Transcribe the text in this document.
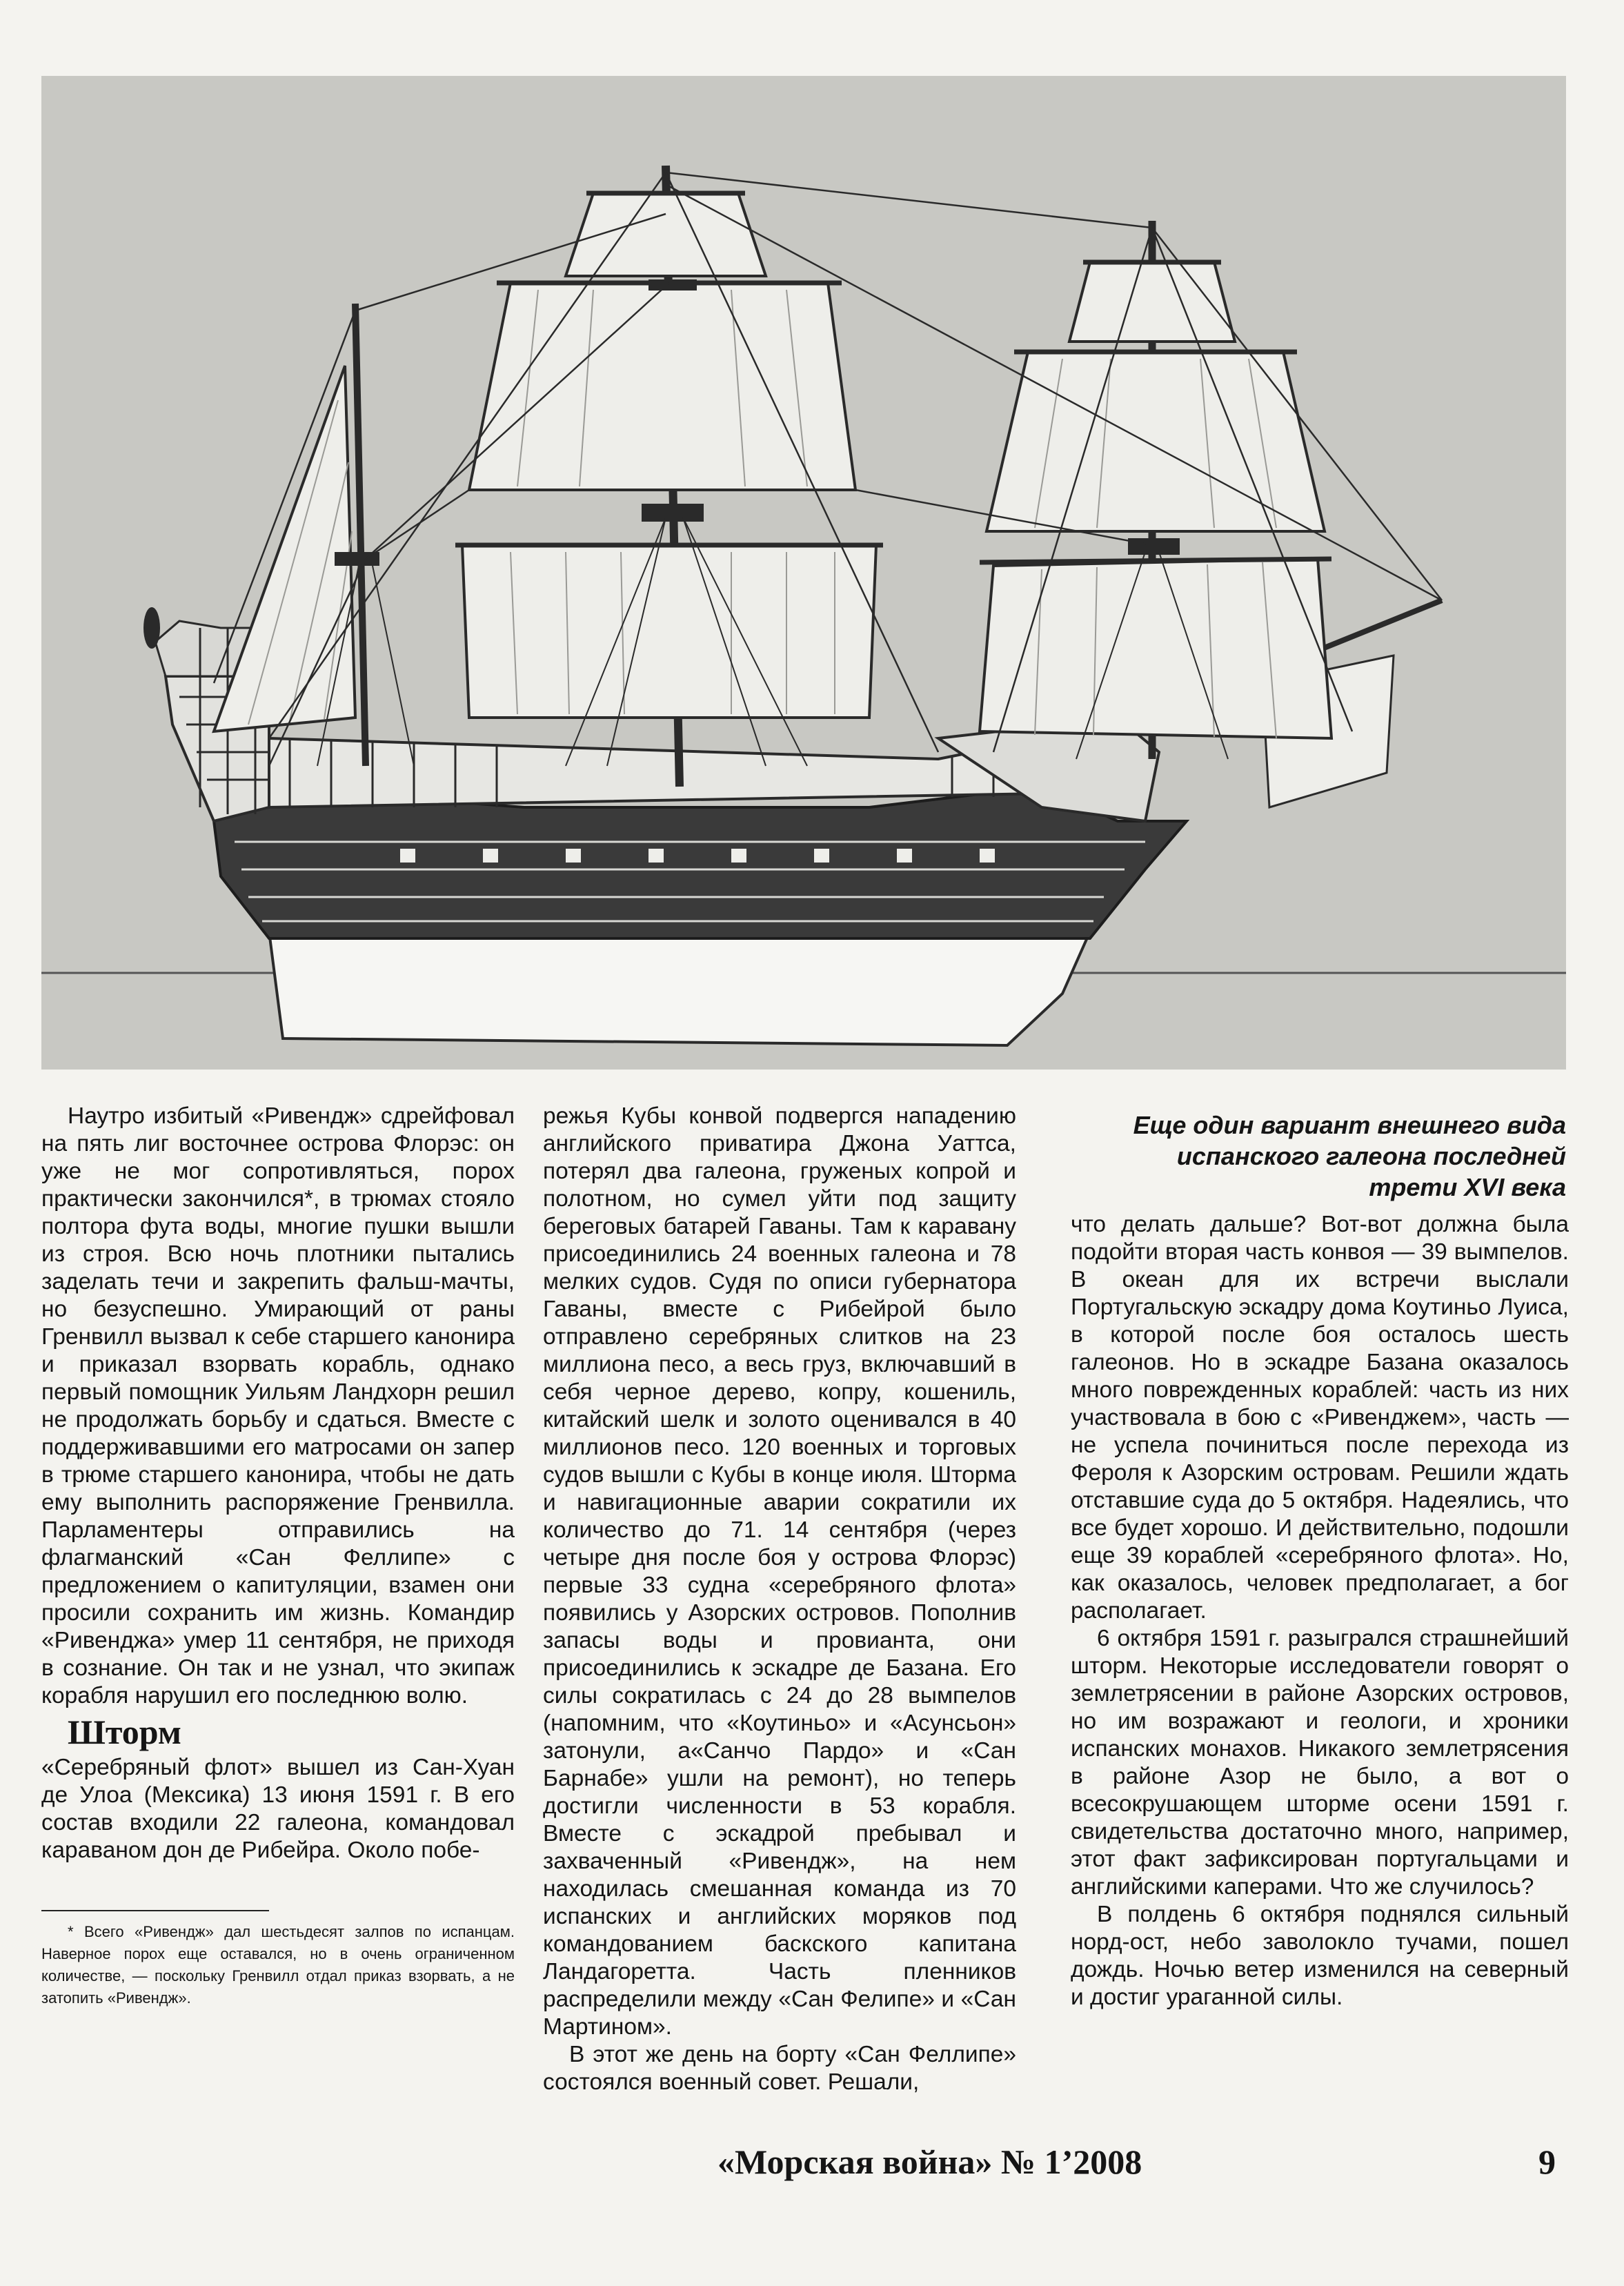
Еще один вариант внешнего вида
испанского галеона последней
трети XVI века

Наутро избитый «Ривендж» сдрейфовал на пять лиг восточнее острова Флорэс: он уже не мог сопротивляться, порох практически закончился*, в трюмах стояло полтора фута воды, многие пушки вышли из строя. Всю ночь плотники пытались заделать течи и закрепить фальш-мачты, но безуспешно. Умирающий от раны Гренвилл вызвал к себе старшего канонира и приказал взорвать корабль, однако первый помощник Уильям Ландхорн решил не продолжать борьбу и сдаться. Вместе с поддерживавшими его матросами он запер в трюме старшего канонира, чтобы не дать ему выполнить распоряжение Гренвилла. Парламентеры отправились на флагманский «Сан Феллипе» с предложением о капитуляции, взамен они просили сохранить им жизнь. Командир «Ривенджа» умер 11 сентября, не приходя в сознание. Он так и не узнал, что экипаж корабля нарушил его последнюю волю.

Шторм

«Серебряный флот» вышел из Сан-Хуан де Улоа (Мексика) 13 июня 1591 г. В его состав входили 22 галеона, командовал караваном дон де Рибейра. Около побе-

* Всего «Ривендж» дал шестьдесят залпов по испанцам. Наверное порох еще оставался, но в очень ограниченном количестве, — поскольку Гренвилл отдал приказ взорвать, а не затопить «Ривендж».

режья Кубы конвой подвергся нападению английского приватира Джона Уаттса, потерял два галеона, груженых копрой и полотном, но сумел уйти под защиту береговых батарей Гаваны. Там к каравану присоединились 24 военных галеона и 78 мелких судов. Судя по описи губернатора Гаваны, вместе с Рибейрой было отправлено серебряных слитков на 23 миллиона песо, а весь груз, включавший в себя черное дерево, копру, кошениль, китайский шелк и золото оценивался в 40 миллионов песо. 120 военных и торговых судов вышли с Кубы в конце июля. Шторма и навигационные аварии сократили их количество до 71. 14 сентября (через четыре дня после боя у острова Флорэс) первые 33 судна «серебряного флота» появились у Азорских островов. Пополнив запасы воды и провианта, они присоединились к эскадре де Базана. Его силы сократилась с 24 до 28 вымпелов (напомним, что «Коутиньо» и «Асунсьон» затонули, а«Санчо Пардо» и «Сан Барнабе» ушли на ремонт), но теперь достигли численности в 53 корабля. Вместе с эскадрой пребывал и захваченный «Ривендж», на нем находилась смешанная команда из 70 испанских и английских моряков под командованием баскского капитана Ландагоретта. Часть пленников распределили между «Сан Фелипе» и «Сан Мартином».

В этот же день на борту «Сан Феллипе» состоялся военный совет. Решали,

что делать дальше? Вот-вот должна была подойти вторая часть конвоя — 39 вымпелов. В океан для их встречи выслали Португальскую эскадру дома Коутиньо Луиса, в которой после боя осталось шесть галеонов. Но в эскадре Базана оказалось много поврежденных кораблей: часть из них участвовала в бою с «Ривенджем», часть — не успела починиться после перехода из Фероля к Азорским островам. Решили ждать отставшие суда до 5 октября. Надеялись, что все будет хорошо. И действительно, подошли еще 39 кораблей «серебряного флота». Но, как оказалось, человек предполагает, а бог располагает.

6 октября 1591 г. разыгрался страшнейший шторм. Некоторые исследователи говорят о землетрясении в районе Азорских островов, но им возражают и геологи, и хроники испанских монахов. Никакого землетрясения в районе Азор не было, а вот о всесокрушающем шторме осени 1591 г. свидетельства достаточно много, например, этот факт зафиксирован португальцами и английскими каперами. Что же случилось?

В полдень 6 октября поднялся сильный норд-ост, небо заволокло тучами, пошел дождь. Ночью ветер изменился на северный и достиг ураганной силы.

«Морская война» № 1’2008	9
